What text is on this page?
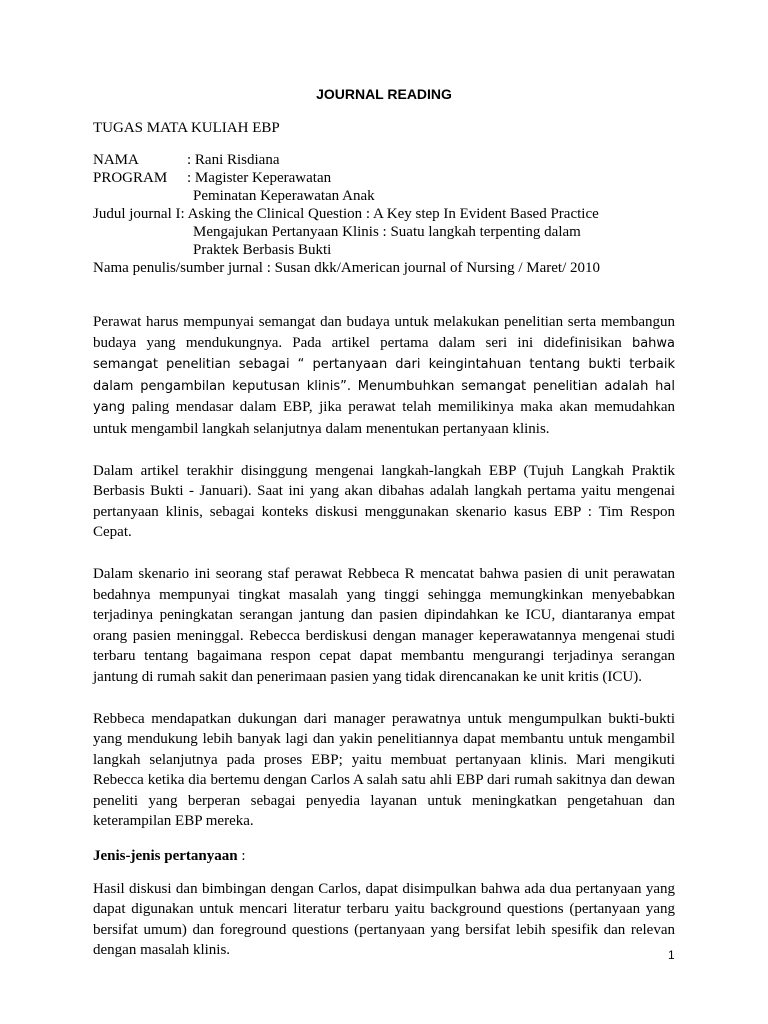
JOURNAL READING
TUGAS MATA KULIAH EBP
NAMA	: Rani Risdiana
PROGRAM	: Magister Keperawatan
Peminatan Keperawatan Anak
Judul journal I : Asking the Clinical Question : A Key step In Evident Based Practice
Mengajukan Pertanyaan Klinis : Suatu langkah terpenting dalam Praktek Berbasis Bukti
Nama penulis/sumber jurnal : Susan dkk/American journal of Nursing / Maret/ 2010

Perawat harus mempunyai semangat dan budaya untuk melakukan penelitian serta membangun budaya yang mendukungnya. Pada artikel pertama dalam seri ini didefinisikan bahwa semangat penelitian sebagai “ pertanyaan dari keingintahuan tentang bukti terbaik dalam pengambilan keputusan klinis”. Menumbuhkan semangat penelitian adalah hal yang paling mendasar dalam EBP, jika perawat telah memilikinya maka akan memudahkan untuk mengambil langkah selanjutnya dalam menentukan pertanyaan klinis.

Dalam artikel terakhir disinggung mengenai langkah-langkah EBP (Tujuh Langkah Praktik Berbasis Bukti - Januari). Saat ini yang akan dibahas adalah langkah pertama yaitu mengenai pertanyaan klinis, sebagai konteks diskusi menggunakan skenario kasus EBP : Tim Respon Cepat.

Dalam skenario ini seorang staf perawat Rebbeca R mencatat bahwa pasien di unit perawatan bedahnya mempunyai tingkat masalah yang tinggi sehingga memungkinkan menyebabkan terjadinya peningkatan serangan jantung dan pasien dipindahkan ke ICU, diantaranya empat orang pasien meninggal. Rebecca berdiskusi dengan manager keperawatannya mengenai studi terbaru tentang bagaimana respon cepat dapat membantu mengurangi terjadinya serangan jantung di rumah sakit dan penerimaan pasien yang tidak direncanakan ke unit kritis (ICU).

Rebbeca mendapatkan dukungan dari manager perawatnya untuk mengumpulkan bukti-bukti yang mendukung lebih banyak lagi dan yakin penelitiannya dapat membantu untuk mengambil langkah selanjutnya pada proses EBP; yaitu membuat pertanyaan klinis. Mari mengikuti Rebecca ketika dia bertemu dengan Carlos A salah satu ahli EBP dari rumah sakitnya dan dewan peneliti yang berperan sebagai penyedia layanan untuk meningkatkan pengetahuan dan keterampilan EBP mereka.

Jenis-jenis pertanyaan :

Hasil diskusi dan bimbingan dengan Carlos, dapat disimpulkan bahwa ada dua pertanyaan yang dapat digunakan untuk mencari literatur terbaru yaitu background questions (pertanyaan yang bersifat umum) dan foreground questions (pertanyaan yang bersifat lebih spesifik dan relevan dengan masalah klinis.	1
